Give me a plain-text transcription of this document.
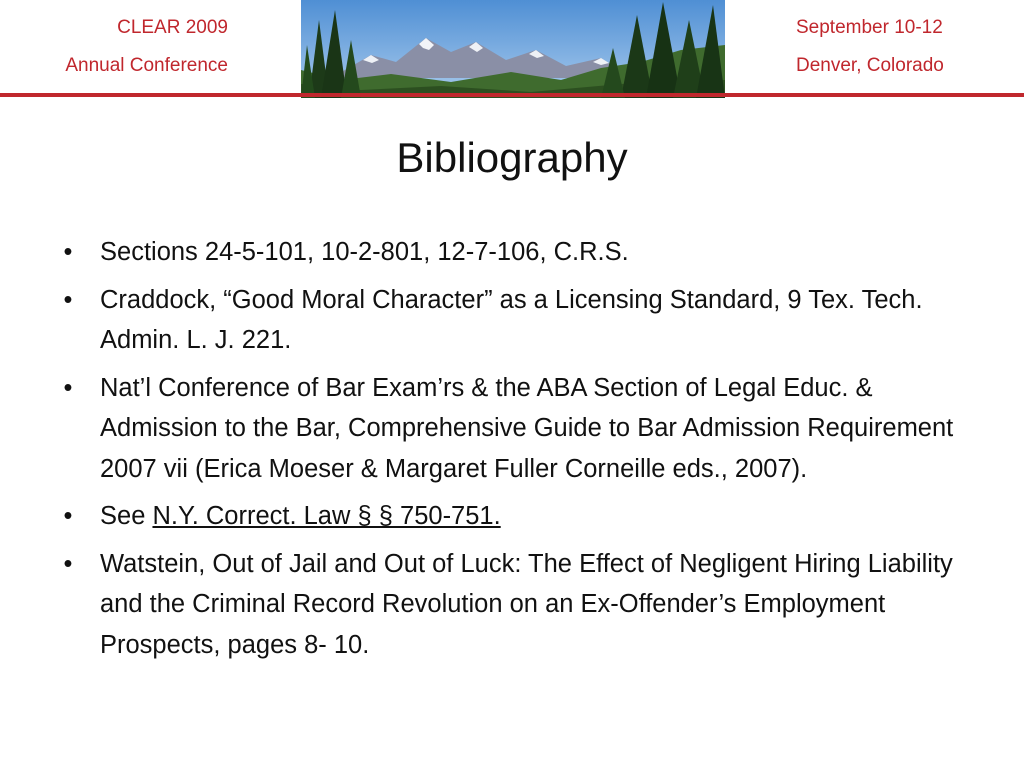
CLEAR 2009
Annual Conference
September 10-12
Denver, Colorado
Bibliography
• Sections 24-5-101, 10-2-801, 12-7-106, C.R.S.
• Craddock, “Good Moral Character” as a Licensing Standard, 9 Tex. Tech. Admin. L. J. 221.
• Nat’l Conference of Bar Exam’rs & the ABA Section of Legal Educ. & Admission to the Bar, Comprehensive Guide to Bar Admission Requirement 2007 vii (Erica Moeser & Margaret Fuller Corneille eds., 2007).
• See N.Y. Correct. Law § § 750-751.
• Watstein, Out of Jail and Out of Luck: The Effect of Negligent Hiring Liability and the Criminal Record Revolution on an Ex-Offender’s Employment Prospects, pages 8- 10.
